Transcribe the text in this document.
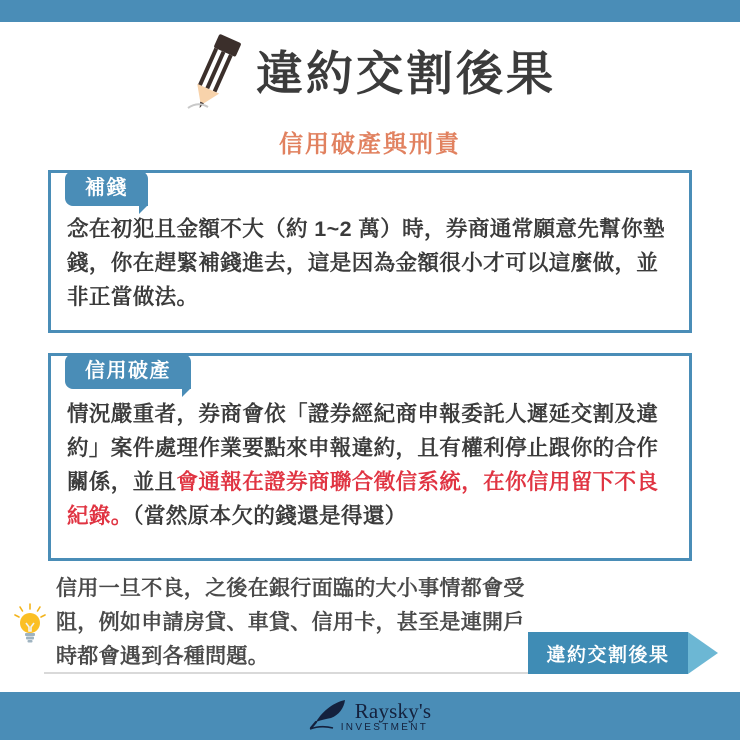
違約交割後果
信用破產與刑責
補錢
念在初犯且金額不大（約 1~2 萬）時，券商通常願意先幫你墊錢，你在趕緊補錢進去，這是因為金額很小才可以這麼做，並非正當做法。
信用破產
情況嚴重者，券商會依「證券經紀商申報委託人遲延交割及違約」案件處理作業要點來申報違約，且有權利停止跟你的合作關係，並且會通報在證券商聯合徵信系統，在你信用留下不良紀錄。（當然原本欠的錢還是得還）
信用一旦不良，之後在銀行面臨的大小事情都會受阻，例如申請房貸、車貸、信用卡，甚至是連開戶時都會遇到各種問題。	違約交割後果
Raysky's
INVESTMENT
